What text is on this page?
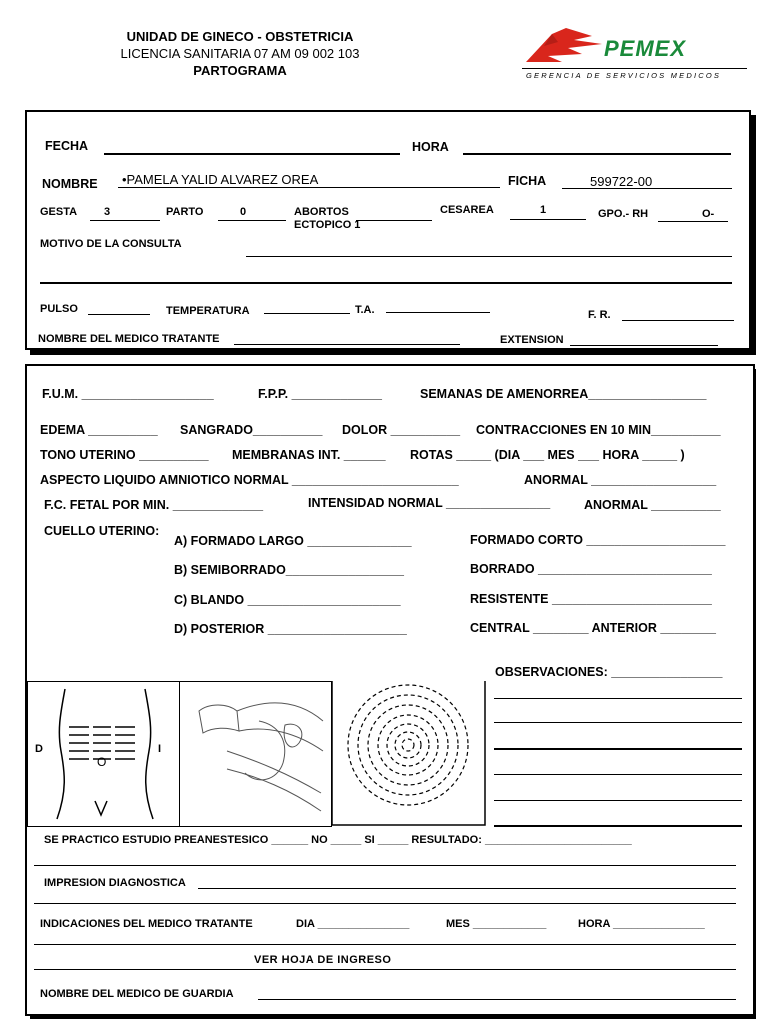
UNIDAD DE GINECO - OBSTETRICIA
LICENCIA SANITARIA 07 AM 09 002 103
PARTOGRAMA
PEMEX
GERENCIA DE SERVICIOS MEDICOS
FECHA	HORA
NOMBRE •PAMELA YALID ALVAREZ OREA	FICHA	599722-00
GESTA 3	PARTO	0	ABORTOS
ECTOPICO 1
CESAREA	1	GPO.- RH	O-
MOTIVO DE LA CONSULTA
PULSO	TEMPERATURA	T.A.	F. R.
NOMBRE DEL MEDICO TRATANTE	EXTENSION
F.U.M. ___________________	F.P.P. _____________	SEMANAS DE AMENORREA_________________
EDEMA __________ SANGRADO__________ DOLOR __________ CONTRACCIONES EN 10 MIN__________
TONO UTERINO __________ MEMBRANAS INT. ______ ROTAS _____ (DIA ___ MES ___ HORA _____ )
ASPECTO LIQUIDO AMNIOTICO NORMAL ________________________	ANORMAL __________________
F.C. FETAL POR MIN. _____________	INTENSIDAD NORMAL _______________	ANORMAL __________
CUELLO UTERINO:
A) FORMADO LARGO _______________
B) SEMIBORRADO_________________
C) BLANDO ______________________
D) POSTERIOR ____________________
FORMADO CORTO ____________________
BORRADO _________________________
RESISTENTE _______________________
CENTRAL ________ ANTERIOR ________
OBSERVACIONES: ________________
D	I
O
SE PRACTICO ESTUDIO PREANESTESICO ______ NO _____ SI _____ RESULTADO: ________________________
IMPRESION DIAGNOSTICA
INDICACIONES DEL MEDICO TRATANTE	DIA _______________	MES ____________	HORA _______________
VER HOJA DE INGRESO
NOMBRE DEL MEDICO DE GUARDIA
